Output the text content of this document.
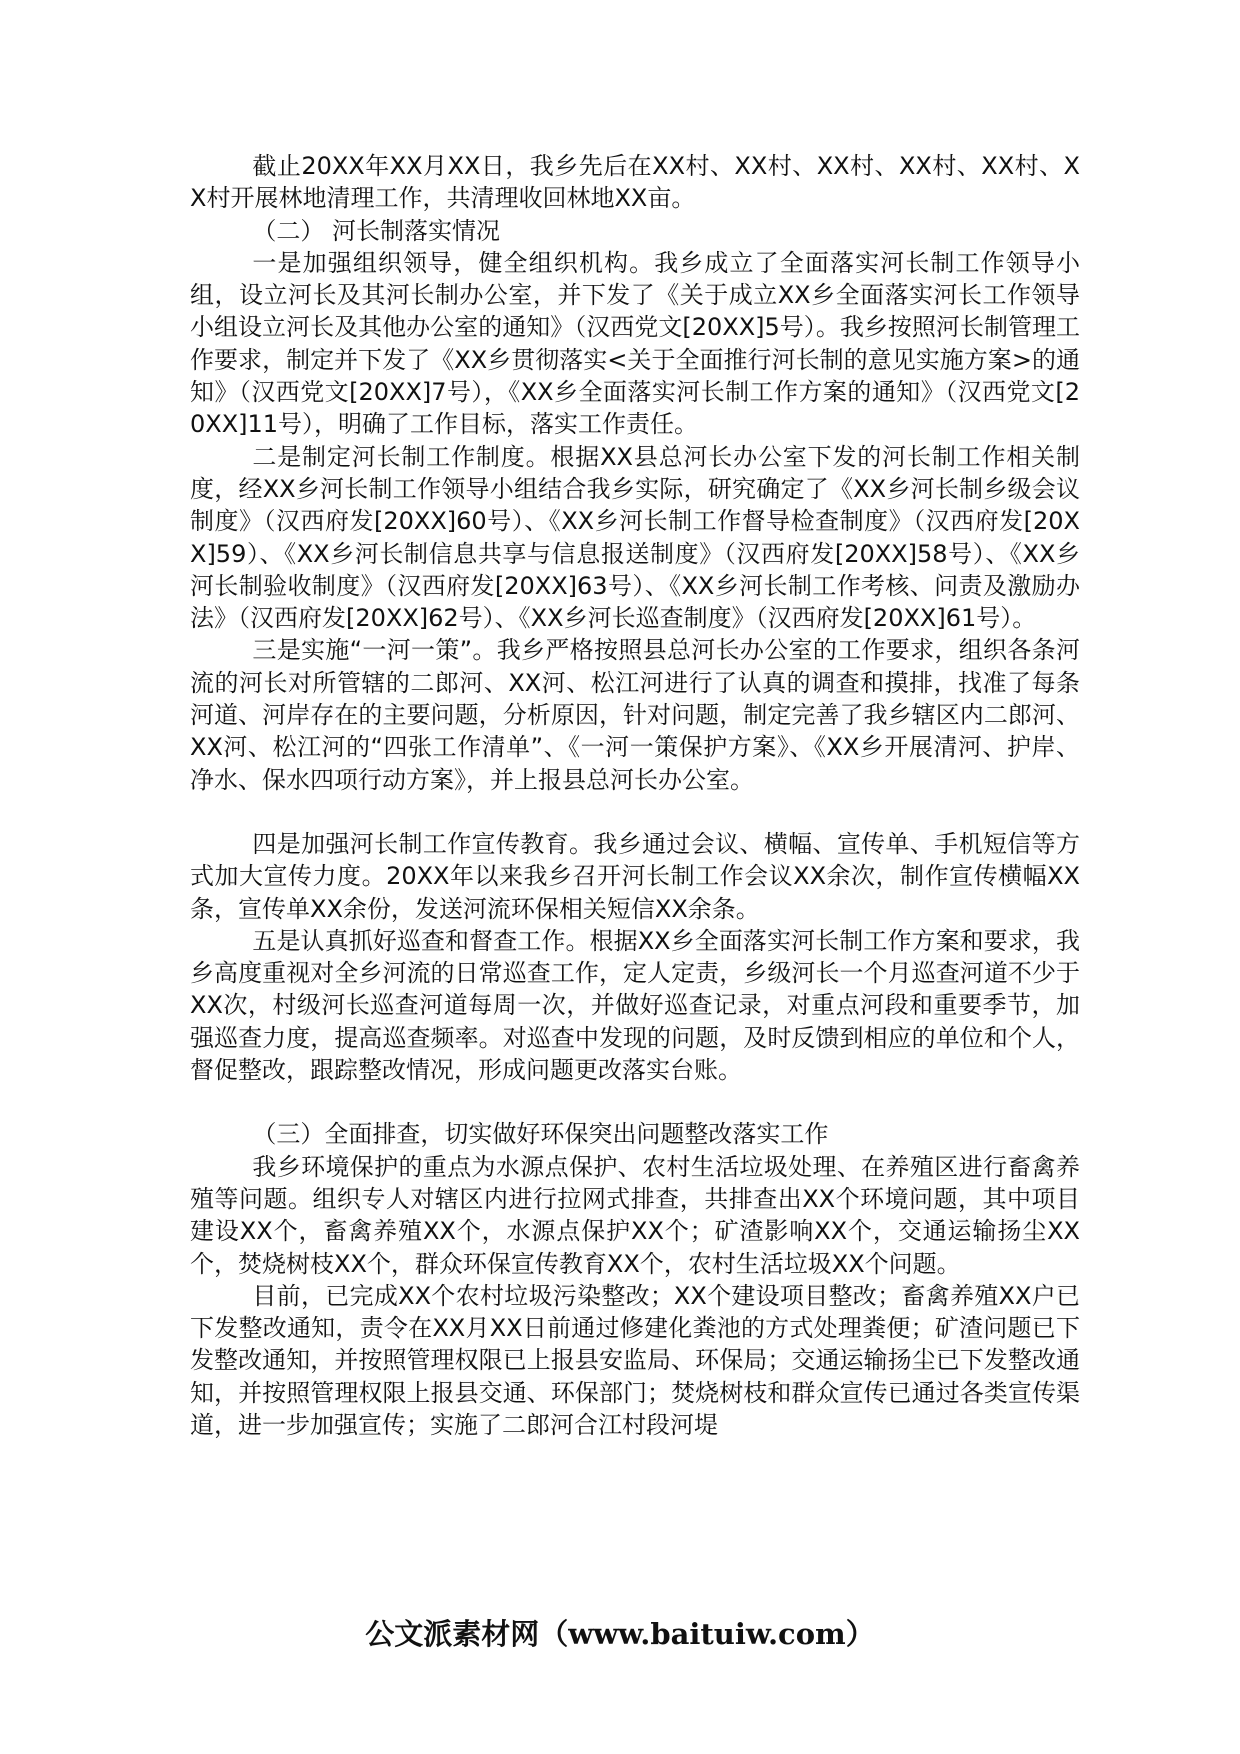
截止20XX年XX月XX日，我乡先后在XX村、XX村、XX村、XX村、XX村、XX村开展林地清理工作，共清理收回林地XX亩。

（二） 河长制落实情况

一是加强组织领导，健全组织机构。我乡成立了全面落实河长制工作领导小组，设立河长及其河长制办公室，并下发了《关于成立XX乡全面落实河长工作领导小组设立河长及其他办公室的通知》（汉西党文[20XX]5号）。我乡按照河长制管理工作要求，制定并下发了《XX乡贯彻落实<关于全面推行河长制的意见实施方案>的通知》（汉西党文[20XX]7号），《XX乡全面落实河长制工作方案的通知》（汉西党文[20XX]11号），明确了工作目标，落实工作责任。

二是制定河长制工作制度。根据XX县总河长办公室下发的河长制工作相关制度，经XX乡河长制工作领导小组结合我乡实际，研究确定了《XX乡河长制乡级会议制度》（汉西府发[20XX]60号）、《XX乡河长制工作督导检查制度》（汉西府发[20XX]59）、《XX乡河长制信息共享与信息报送制度》（汉西府发[20XX]58号）、《XX乡河长制验收制度》（汉西府发[20XX]63号）、《XX乡河长制工作考核、问责及激励办法》（汉西府发[20XX]62号）、《XX乡河长巡查制度》（汉西府发[20XX]61号）。

三是实施“一河一策”。我乡严格按照县总河长办公室的工作要求，组织各条河流的河长对所管辖的二郎河、XX河、松江河进行了认真的调查和摸排，找准了每条河道、河岸存在的主要问题，分析原因，针对问题，制定完善了我乡辖区内二郎河、XX河、松江河的“四张工作清单”、《一河一策保护方案》、《XX乡开展清河、护岸、净水、保水四项行动方案》，并上报县总河长办公室。

四是加强河长制工作宣传教育。我乡通过会议、横幅、宣传单、手机短信等方式加大宣传力度。20XX年以来我乡召开河长制工作会议XX余次，制作宣传横幅XX条，宣传单XX余份，发送河流环保相关短信XX余条。

五是认真抓好巡查和督查工作。根据XX乡全面落实河长制工作方案和要求，我乡高度重视对全乡河流的日常巡查工作，定人定责，乡级河长一个月巡查河道不少于XX次，村级河长巡查河道每周一次，并做好巡查记录，对重点河段和重要季节，加强巡查力度，提高巡查频率。对巡查中发现的问题，及时反馈到相应的单位和个人，督促整改，跟踪整改情况，形成问题更改落实台账。

（三）全面排查，切实做好环保突出问题整改落实工作

我乡环境保护的重点为水源点保护、农村生活垃圾处理、在养殖区进行畜禽养殖等问题。组织专人对辖区内进行拉网式排查，共排查出XX个环境问题，其中项目建设XX个，畜禽养殖XX个，水源点保护XX个；矿渣影响XX个，交通运输扬尘XX个，焚烧树枝XX个，群众环保宣传教育XX个，农村生活垃圾XX个问题。

目前，已完成XX个农村垃圾污染整改；XX个建设项目整改；畜禽养殖XX户已下发整改通知，责令在XX月XX日前通过修建化粪池的方式处理粪便；矿渣问题已下发整改通知，并按照管理权限已上报县安监局、环保局；交通运输扬尘已下发整改通知，并按照管理权限上报县交通、环保部门；焚烧树枝和群众宣传已通过各类宣传渠道，进一步加强宣传；实施了二郎河合江村段河堤

公文派素材网（www.baituiw.com）
